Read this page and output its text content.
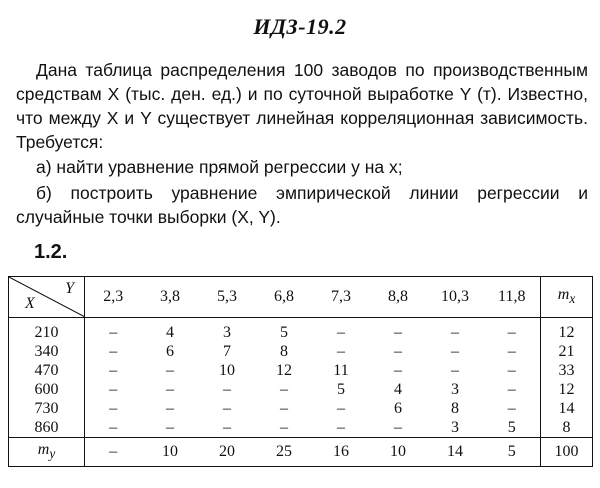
ИДЗ-19.2
Дана таблица распределения 100 заводов по производственным средствам X (тыс. ден. ед.) и по суточной выработке Y (т). Известно, что между X и Y существует линейная корреляционная зависимость. Требуется:
а) найти уравнение прямой регрессии y на x;
б) построить уравнение эмпирической линии регрессии и случайные точки выборки (X, Y).
1.2.
Y
X	2,3	3,8	5,3	6,8	7,3	8,8	10,3	11,8	$m_x$
210	–	4	3	5	–	–	–	–	12
340	–	6	7	8	–	–	–	–	21
470	–	–	10	12	11	–	–	–	33
600	–	–	–	–	5	4	3	–	12
730	–	–	–	–	–	6	8	–	14
860	–	–	–	–	–	–	3	5	8
$m_y$	–	10	20	25	16	10	14	5	100
